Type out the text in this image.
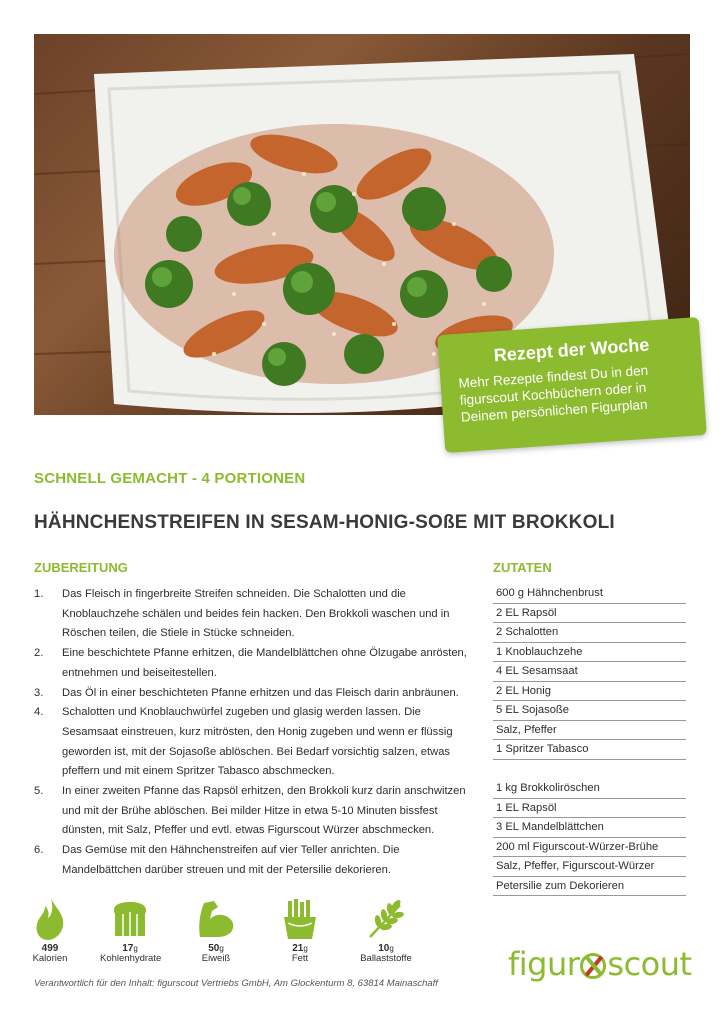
Rezept der Woche
Mehr Rezepte findest Du in den figurscout Kochbüchern oder in Deinem persönlichen Figurplan
SCHNELL GEMACHT - 4 PORTIONEN
HÄHNCHENSTREIFEN IN SESAM-HONIG-SOßE MIT BROKKOLI
ZUBEREITUNG	ZUTATEN
1. Das Fleisch in fingerbreite Streifen schneiden. Die Schalotten und die Knoblauchzehe schälen und beides fein hacken. Den Brokkoli waschen und in Röschen teilen, die Stiele in Stücke schneiden.
2. Eine beschichtete Pfanne erhitzen, die Mandelblättchen ohne Ölzugabe anrösten, entnehmen und beiseitestellen.
3. Das Öl in einer beschichteten Pfanne erhitzen und das Fleisch darin anbräunen.
4. Schalotten und Knoblauchwürfel zugeben und glasig werden lassen. Die Sesamsaat einstreuen, kurz mitrösten, den Honig zugeben und wenn er flüssig geworden ist, mit der Sojasoße ablöschen. Bei Bedarf vorsichtig salzen, etwas pfeffern und mit einem Spritzer Tabasco abschmecken.
5. In einer zweiten Pfanne das Rapsöl erhitzen, den Brokkoli kurz darin anschwitzen und mit der Brühe ablöschen. Bei milder Hitze in etwa 5-10 Minuten bissfest dünsten, mit Salz, Pfeffer und evtl. etwas Figurscout Würzer abschmecken.
6. Das Gemüse mit den Hähnchenstreifen auf vier Teller anrichten. Die Mandelbättchen darüber streuen und mit der Petersilie dekorieren.
600 g Hähnchenbrust
2 EL Rapsöl
2 Schalotten
1 Knoblauchzehe
4 EL Sesamsaat
2 EL Honig
5 EL Sojasoße
Salz, Pfeffer
1 Spritzer Tabasco
1 kg Brokkoliröschen
1 EL Rapsöl
3 EL Mandelblättchen
200 ml Figurscout-Würzer-Brühe
Salz, Pfeffer, Figurscout-Würzer
Petersilie zum Dekorieren
499
Kalorien
17g
Kohlenhydrate
50g
Eiweiß
21g
Fett
10g
Ballaststoffe	figur scout
Verantwortlich für den Inhalt: figurscout Vertriebs GmbH, Am Glockenturm 8, 63814 Mainaschaff
